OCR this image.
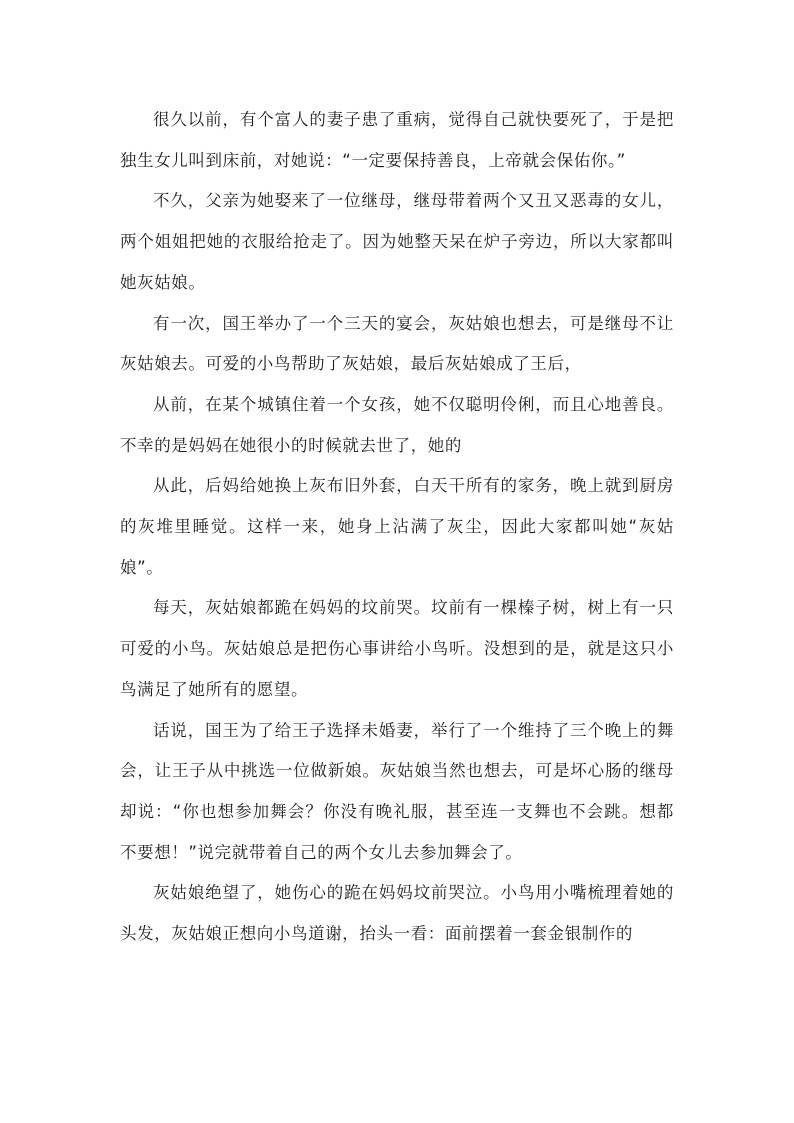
很久以前，有个富人的妻子患了重病，觉得自己就快要死了，于是把独生女儿叫到床前，对她说：“一定要保持善良，上帝就会保佑你。”

不久，父亲为她娶来了一位继母，继母带着两个又丑又恶毒的女儿，两个姐姐把她的衣服给抢走了。因为她整天呆在炉子旁边，所以大家都叫她灰姑娘。

有一次，国王举办了一个三天的宴会，灰姑娘也想去，可是继母不让灰姑娘去。可爱的小鸟帮助了灰姑娘，最后灰姑娘成了王后，

从前，在某个城镇住着一个女孩，她不仅聪明伶俐，而且心地善良。不幸的是妈妈在她很小的时候就去世了，她的

从此，后妈给她换上灰布旧外套，白天干所有的家务，晚上就到厨房的灰堆里睡觉。这样一来，她身上沾满了灰尘，因此大家都叫她“灰姑娘”。

每天，灰姑娘都跪在妈妈的坟前哭。坟前有一棵榛子树，树上有一只可爱的小鸟。灰姑娘总是把伤心事讲给小鸟听。没想到的是，就是这只小鸟满足了她所有的愿望。

话说，国王为了给王子选择未婚妻，举行了一个维持了三个晚上的舞会，让王子从中挑选一位做新娘。灰姑娘当然也想去，可是坏心肠的继母却说：“你也想参加舞会？你没有晚礼服，甚至连一支舞也不会跳。想都不要想！”说完就带着自己的两个女儿去参加舞会了。

灰姑娘绝望了，她伤心的跪在妈妈坟前哭泣。小鸟用小嘴梳理着她的头发，灰姑娘正想向小鸟道谢，抬头一看：面前摆着一套金银制作的
